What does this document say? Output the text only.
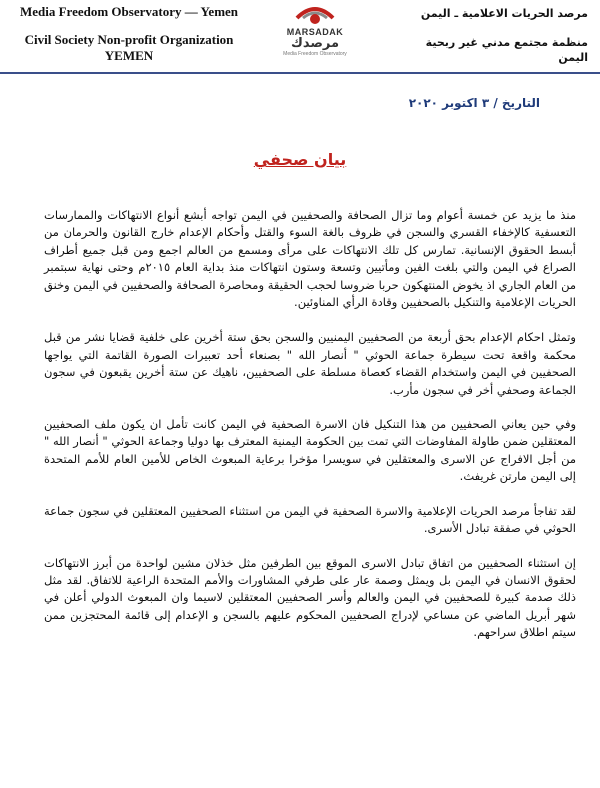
Media Freedom Observatory — Yemen
Civil Society Non-profit Organization
YEMEN
MARSADAK
مرصدك
Media Freedom Observatory
مرصد الحريات الاعلامية ـ اليمن
منظمة مجتمع مدني غير ربحية
اليمن
التاريخ / ٣ اكتوبر ٢٠٢٠
بيان صحفي

منذ ما يزيد عن خمسة أعوام وما تزال الصحافة والصحفيين في اليمن تواجه أبشع أنواع الانتهاكات والممارسات التعسفية كالإخفاء القسري والسجن في ظروف بالغة السوء والقتل وأحكام الإعدام خارج القانون والحرمان من أبسط الحقوق الإنسانية. تمارس كل تلك الانتهاكات على مرأى ومسمع من العالم اجمع ومن قبل جميع أطراف الصراع في اليمن والتي بلغت الفين ومأتيين وتسعة وستون انتهاكات منذ بداية العام ٢٠١٥م وحتى نهاية سبتمبر من العام الجاري اذ يخوض المنتهكون حربا ضروسا لحجب الحقيقة ومحاصرة الصحافة والصحفيين في اليمن وخنق الحريات الإعلامية والتنكيل بالصحفيين وقادة الرأي المناوئين.

وتمثل احكام الإعدام بحق أربعة من الصحفيين اليمنيين والسجن بحق ستة أخرين على خلفية قضايا نشر من قبل محكمة واقعة تحت سيطرة جماعة الحوثي " أنصار الله " بصنعاء أحد تعبيرات الصورة القاتمة التي يواجها الصحفيين في اليمن واستخدام القضاء كعصاة مسلطة على الصحفيين، ناهيك عن ستة أخرين يقبعون في سجون الجماعة وصحفي أخر في سجون مأرب.

وفي حين يعاني الصحفيين من هذا التنكيل فان الاسرة الصحفية في اليمن كانت تأمل ان يكون ملف الصحفيين المعتقلين ضمن طاولة المفاوضات التي تمت بين الحكومة اليمنية المعترف بها دوليا وجماعة الحوثي " أنصار الله " من أجل الافراج عن الاسرى والمعتقلين في سويسرا مؤخرا برعاية المبعوث الخاص للأمين العام للأمم المتحدة إلى اليمن مارتن غريفث.

لقد تفاجأ مرصد الحريات الإعلامية والاسرة الصحفية في اليمن من استثناء الصحفيين المعتقلين في سجون جماعة الحوثي في صفقة تبادل الأسرى.

إن استثناء الصحفيين من اتفاق تبادل الاسرى الموقع بين الطرفين مثل خذلان مشين لواحدة من أبرز الانتهاكات لحقوق الانسان في اليمن بل ويمثل وصمة عار على طرفي المشاورات والأمم المتحدة الراعية للاتفاق. لقد مثل ذلك صدمة كبيرة للصحفيين في اليمن والعالم وأسر الصحفيين المعتقلين لاسيما وان المبعوث الدولي أعلن في شهر أبريل الماضي عن مساعي لإدراج الصحفيين المحكوم عليهم بالسجن و الإعدام إلى قائمة المحتجزين ممن سيتم اطلاق سراحهم.
